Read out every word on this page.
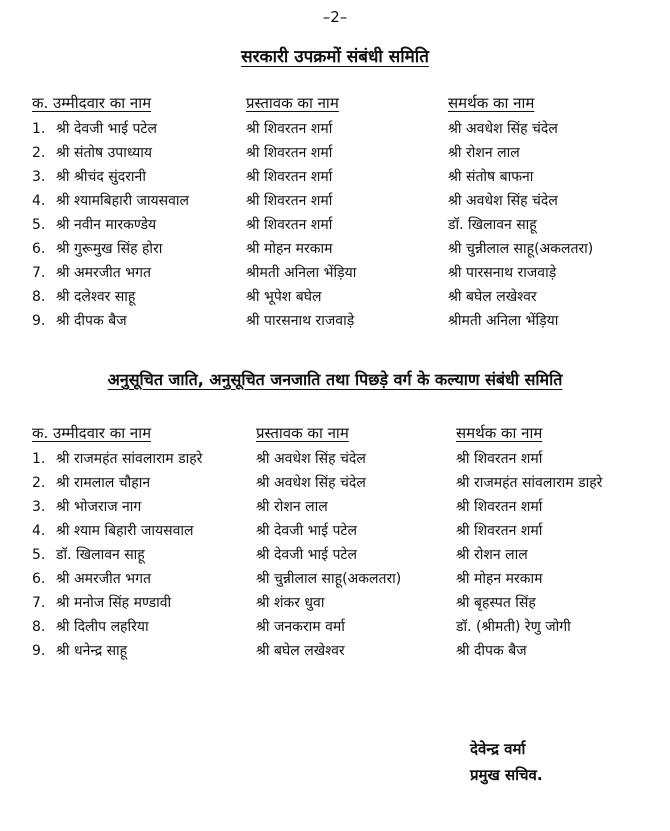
–2–
सरकारी उपक्रमों संबंधी समिति
क. उम्मीदवार का नाम	प्रस्तावक का नाम	समर्थक का नाम
1. श्री देवजी भाई पटेल	श्री शिवरतन शर्मा	श्री अवधेश सिंह चंदेल
2. श्री संतोष उपाध्याय	श्री शिवरतन शर्मा	श्री रोशन लाल
3. श्री श्रीचंद सुंदरानी	श्री शिवरतन शर्मा	श्री संतोष बाफना
4. श्री श्यामबिहारी जायसवाल	श्री शिवरतन शर्मा	श्री अवधेश सिंह चंदेल
5. श्री नवीन मारकण्डेय	श्री शिवरतन शर्मा	डॉ. खिलावन साहू
6. श्री गुरूमुख सिंह होरा	श्री मोहन मरकाम	श्री चुन्नीलाल साहू(अकलतरा)
7. श्री अमरजीत भगत	श्रीमती अनिला भेंड़िया	श्री पारसनाथ राजवाड़े
8. श्री दलेश्वर साहू	श्री भूपेश बघेल	श्री बघेल लखेश्वर
9. श्री दीपक बैज	श्री पारसनाथ राजवाड़े	श्रीमती अनिला भेंड़िया
अनुसूचित जाति, अनुसूचित जनजाति तथा पिछड़े वर्ग के कल्याण संबंधी समिति
क. उम्मीदवार का नाम	प्रस्तावक का नाम	समर्थक का नाम
1. श्री राजमहंत सांवलाराम डाहरे	श्री अवधेश सिंह चंदेल	श्री शिवरतन शर्मा
2. श्री रामलाल चौहान	श्री अवधेश सिंह चंदेल	श्री राजमहंत सांवलाराम डाहरे
3. श्री भोजराज नाग	श्री रोशन लाल	श्री शिवरतन शर्मा
4. श्री श्याम बिहारी जायसवाल	श्री देवजी भाई पटेल	श्री शिवरतन शर्मा
5. डॉ. खिलावन साहू	श्री देवजी भाई पटेल	श्री रोशन लाल
6. श्री अमरजीत भगत	श्री चुन्नीलाल साहू(अकलतरा)	श्री मोहन मरकाम
7. श्री मनोज सिंह मण्डावी	श्री शंकर धुवा	श्री बृहस्पत सिंह
8. श्री दिलीप लहरिया	श्री जनकराम वर्मा	डॉ. (श्रीमती) रेणु जोगी
9. श्री धनेन्द्र साहू	श्री बघेल लखेश्वर	श्री दीपक बैज
देवेन्द्र वर्मा
प्रमुख सचिव.
